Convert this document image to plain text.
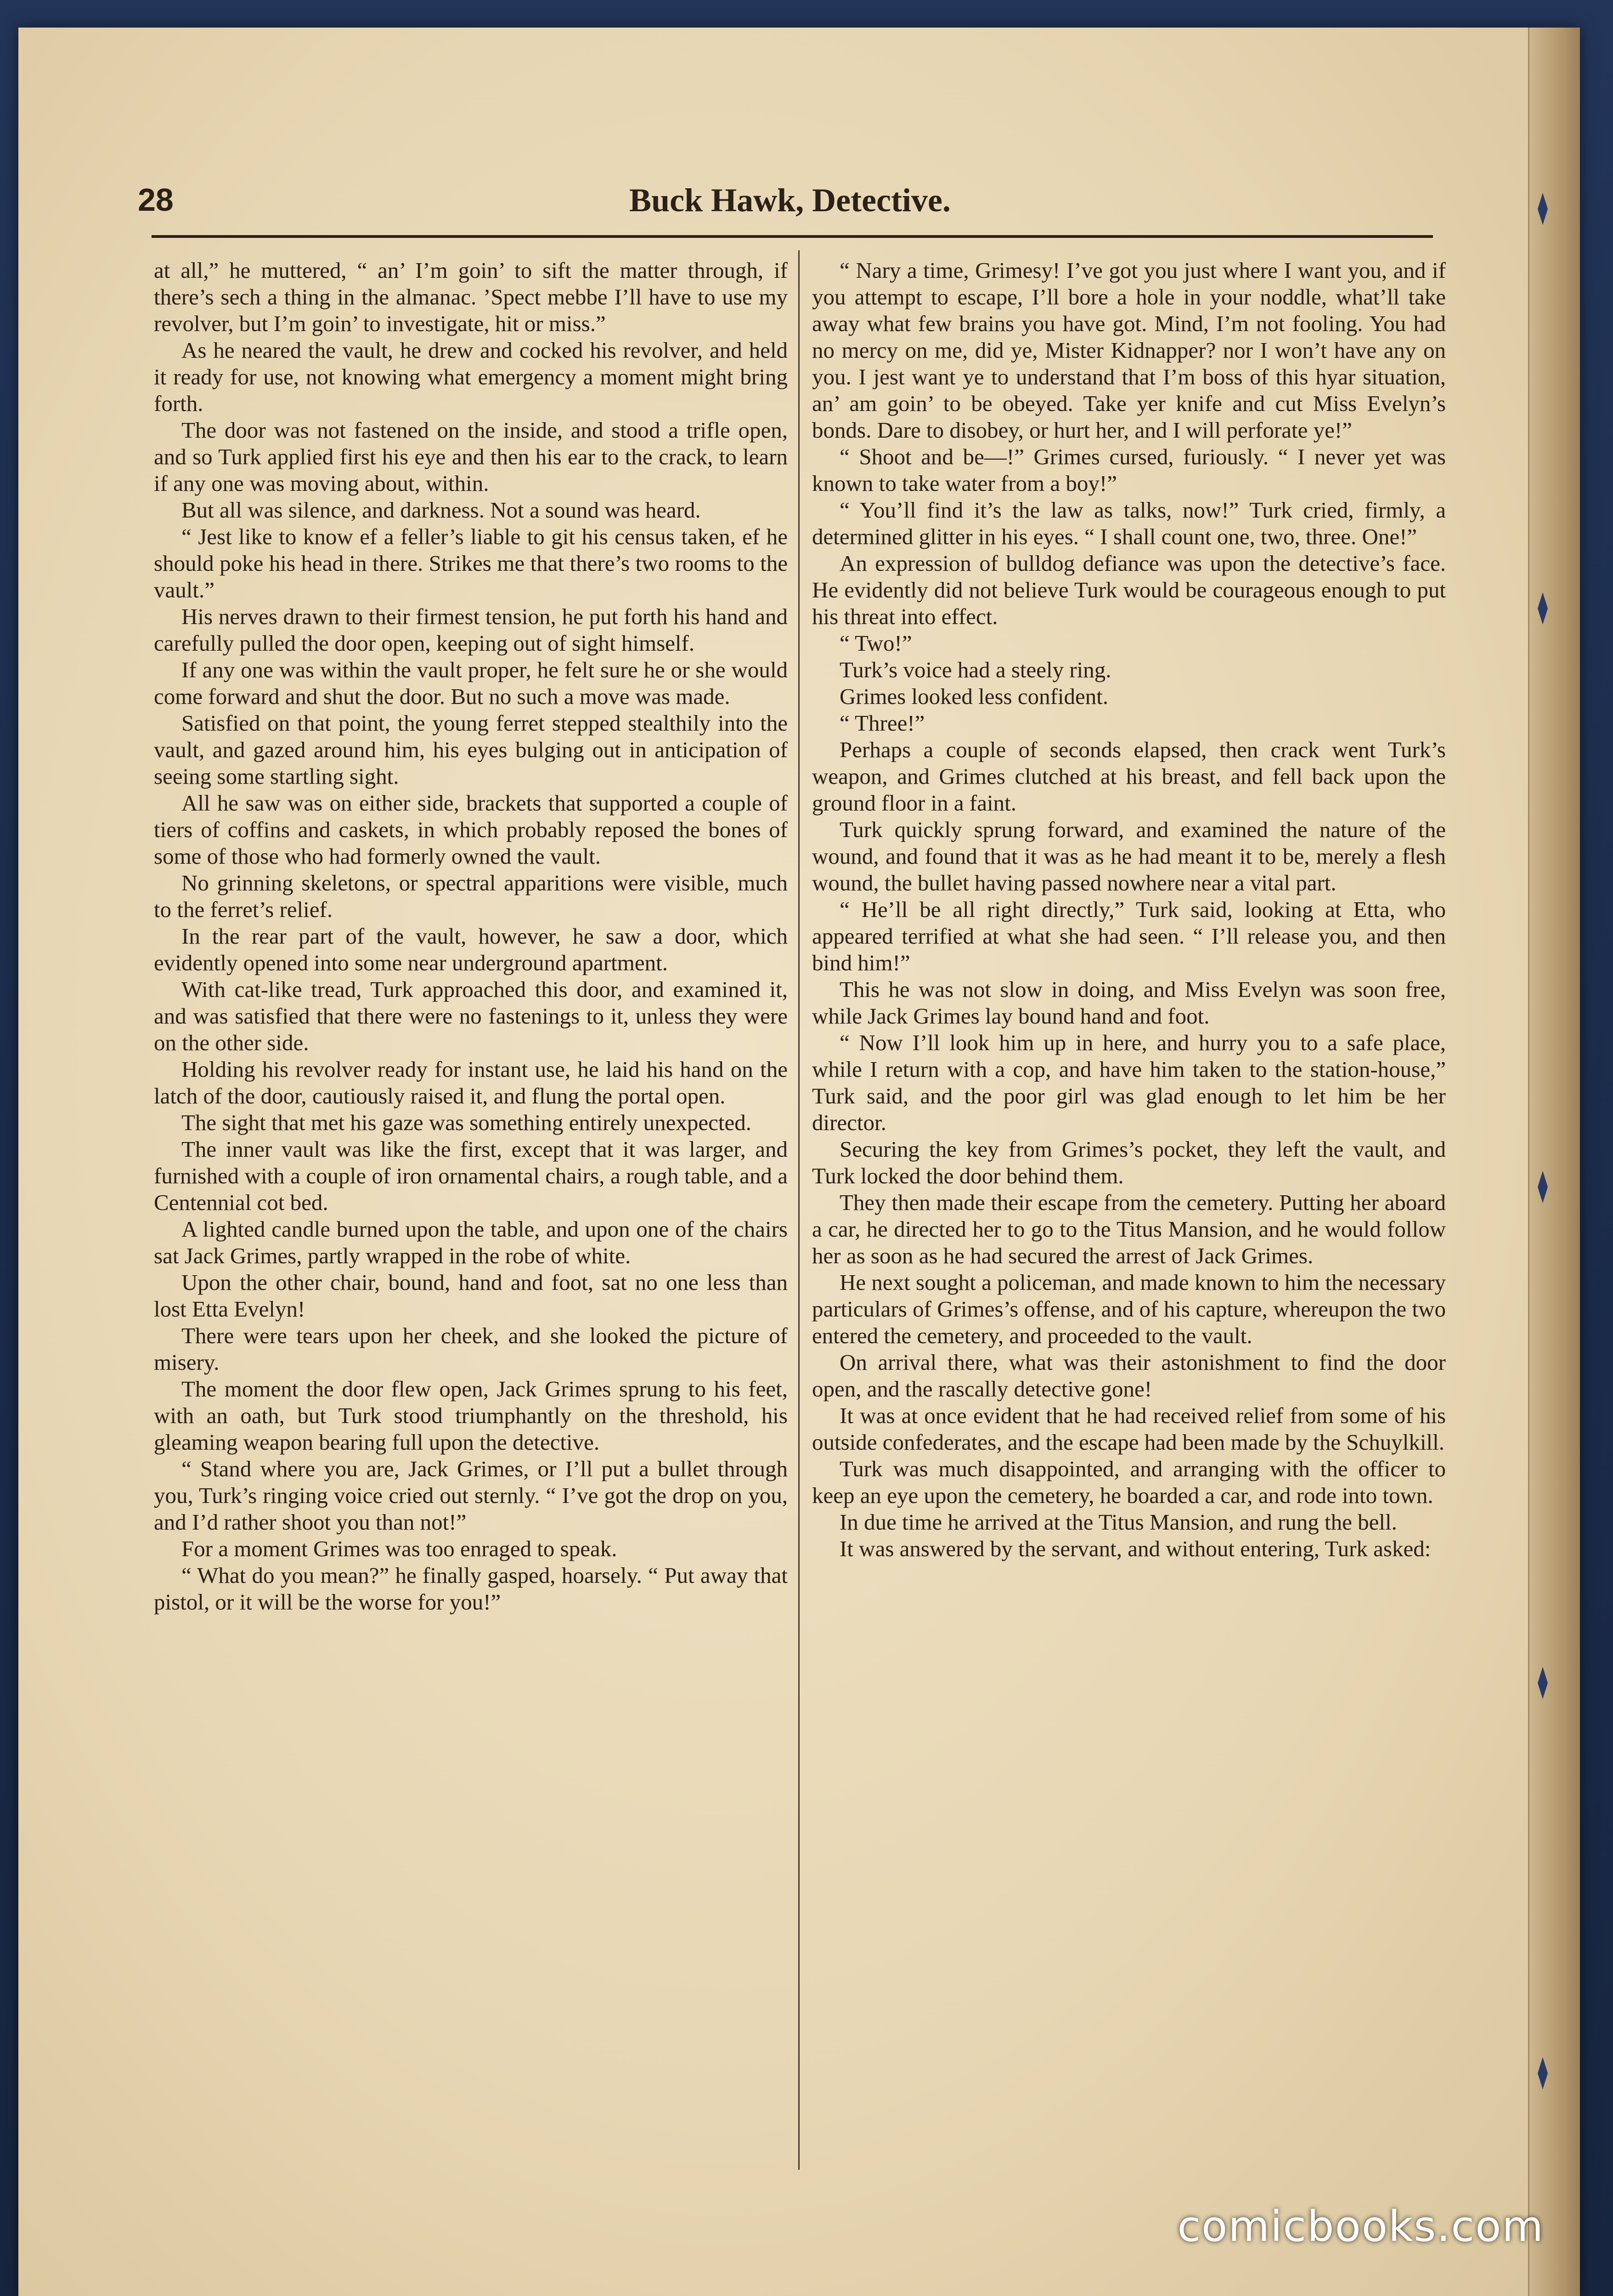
28	Buck Hawk, Detective.

at all,” he muttered, “ an’ I’m goin’ to sift the matter through, if there’s sech a thing in the almanac. ’Spect mebbe I’ll have to use my revolver, but I’m goin’ to investigate, hit or miss.”

As he neared the vault, he drew and cocked his revolver, and held it ready for use, not knowing what emergency a moment might bring forth.

The door was not fastened on the inside, and stood a trifle open, and so Turk applied first his eye and then his ear to the crack, to learn if any one was moving about, within.

But all was silence, and darkness. Not a sound was heard.

“ Jest like to know ef a feller’s liable to git his census taken, ef he should poke his head in there. Strikes me that there’s two rooms to the vault.”

His nerves drawn to their firmest tension, he put forth his hand and carefully pulled the door open, keeping out of sight himself.

If any one was within the vault proper, he felt sure he or she would come forward and shut the door. But no such a move was made.

Satisfied on that point, the young ferret stepped stealthily into the vault, and gazed around him, his eyes bulging out in anticipation of seeing some startling sight.

All he saw was on either side, brackets that supported a couple of tiers of coffins and caskets, in which probably reposed the bones of some of those who had formerly owned the vault.

No grinning skeletons, or spectral apparitions were visible, much to the ferret’s relief.

In the rear part of the vault, however, he saw a door, which evidently opened into some near underground apartment.

With cat-like tread, Turk approached this door, and examined it, and was satisfied that there were no fastenings to it, unless they were on the other side.

Holding his revolver ready for instant use, he laid his hand on the latch of the door, cautiously raised it, and flung the portal open.

The sight that met his gaze was something entirely unexpected.

The inner vault was like the first, except that it was larger, and furnished with a couple of iron ornamental chairs, a rough table, and a Centennial cot bed.

A lighted candle burned upon the table, and upon one of the chairs sat Jack Grimes, partly wrapped in the robe of white.

Upon the other chair, bound, hand and foot, sat no one less than lost Etta Evelyn!

There were tears upon her cheek, and she looked the picture of misery.

The moment the door flew open, Jack Grimes sprung to his feet, with an oath, but Turk stood triumphantly on the threshold, his gleaming weapon bearing full upon the detective.

“ Stand where you are, Jack Grimes, or I’ll put a bullet through you, Turk’s ringing voice cried out sternly. “ I’ve got the drop on you, and I’d rather shoot you than not!”

For a moment Grimes was too enraged to speak.

“ What do you mean?” he finally gasped, hoarsely. “ Put away that pistol, or it will be the worse for you!”

“ Nary a time, Grimesy! I’ve got you just where I want you, and if you attempt to escape, I’ll bore a hole in your noddle, what’ll take away what few brains you have got. Mind, I’m not fooling. You had no mercy on me, did ye, Mister Kidnapper? nor I won’t have any on you. I jest want ye to understand that I’m boss of this hyar situation, an’ am goin’ to be obeyed. Take yer knife and cut Miss Evelyn’s bonds. Dare to disobey, or hurt her, and I will perforate ye!”

“ Shoot and be—!” Grimes cursed, furiously. “ I never yet was known to take water from a boy!”

“ You’ll find it’s the law as talks, now!” Turk cried, firmly, a determined glitter in his eyes. “ I shall count one, two, three. One!”

An expression of bulldog defiance was upon the detective’s face. He evidently did not believe Turk would be courageous enough to put his threat into effect.

“ Two!”

Turk’s voice had a steely ring.

Grimes looked less confident.

“ Three!”

Perhaps a couple of seconds elapsed, then crack went Turk’s weapon, and Grimes clutched at his breast, and fell back upon the ground floor in a faint.

Turk quickly sprung forward, and examined the nature of the wound, and found that it was as he had meant it to be, merely a flesh wound, the bullet having passed nowhere near a vital part.

“ He’ll be all right directly,” Turk said, looking at Etta, who appeared terrified at what she had seen. “ I’ll release you, and then bind him!”

This he was not slow in doing, and Miss Evelyn was soon free, while Jack Grimes lay bound hand and foot.

“ Now I’ll look him up in here, and hurry you to a safe place, while I return with a cop, and have him taken to the station-house,” Turk said, and the poor girl was glad enough to let him be her director.

Securing the key from Grimes’s pocket, they left the vault, and Turk locked the door behind them.

They then made their escape from the cemetery. Putting her aboard a car, he directed her to go to the Titus Mansion, and he would follow her as soon as he had secured the arrest of Jack Grimes.

He next sought a policeman, and made known to him the necessary particulars of Grimes’s offense, and of his capture, whereupon the two entered the cemetery, and proceeded to the vault.

On arrival there, what was their astonishment to find the door open, and the rascally detective gone!

It was at once evident that he had received relief from some of his outside confederates, and the escape had been made by the Schuylkill.

Turk was much disappointed, and arranging with the officer to keep an eye upon the cemetery, he boarded a car, and rode into town.

In due time he arrived at the Titus Mansion, and rung the bell.

It was answered by the servant, and without entering, Turk asked:

comicbooks.com
